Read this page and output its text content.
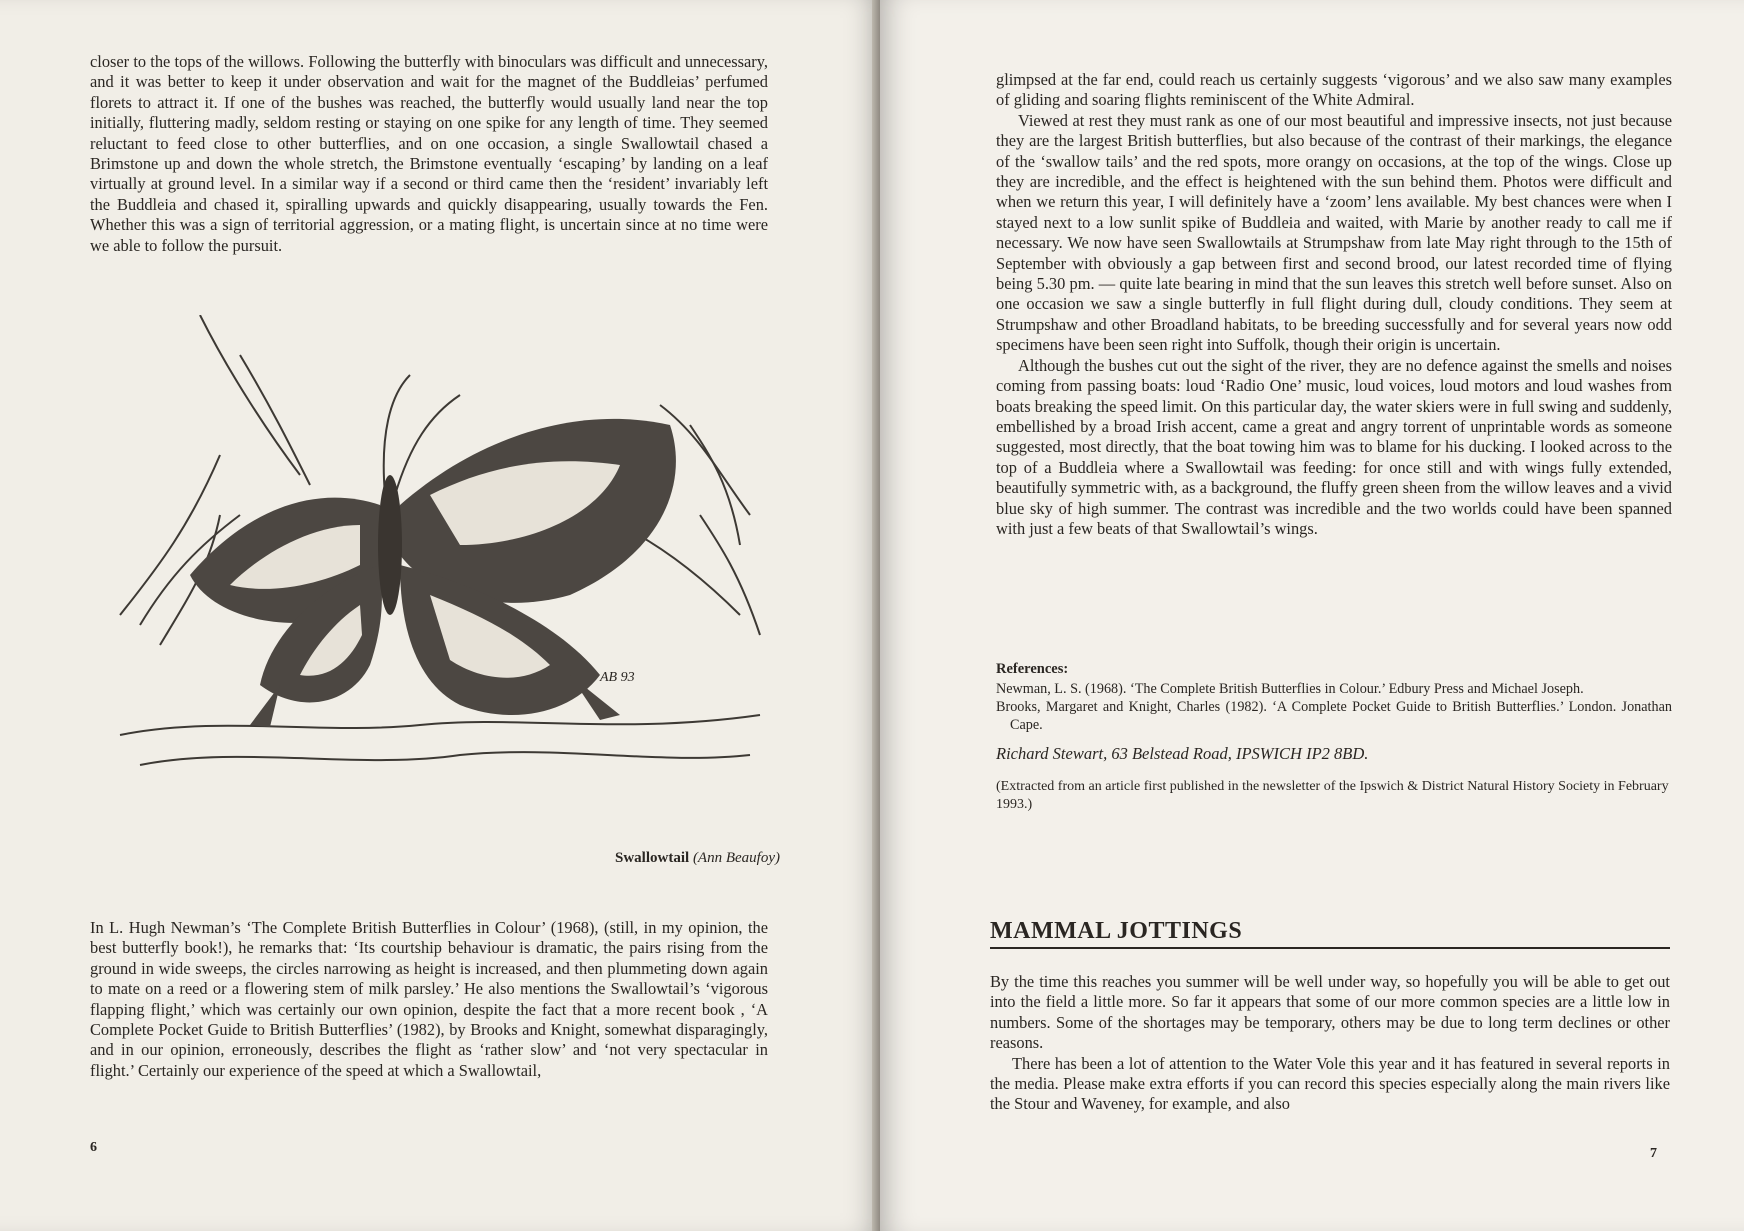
closer to the tops of the willows. Following the butterfly with binoculars was difficult and unnecessary, and it was better to keep it under observation and wait for the magnet of the Buddleias’ perfumed florets to attract it. If one of the bushes was reached, the butterfly would usually land near the top initially, fluttering madly, seldom resting or staying on one spike for any length of time. They seemed reluctant to feed close to other butterflies, and on one occasion, a single Swallowtail chased a Brimstone up and down the whole stretch, the Brimstone eventually ‘escaping’ by landing on a leaf virtually at ground level. In a similar way if a second or third came then the ‘resident’ invariably left the Buddleia and chased it, spiralling upwards and quickly disappearing, usually towards the Fen. Whether this was a sign of territorial aggression, or a mating flight, is uncertain since at no time were we able to follow the pursuit.

AB 93
Swallowtail (Ann Beaufoy)

In L. Hugh Newman’s ‘The Complete British Butterflies in Colour’ (1968), (still, in my opinion, the best butterfly book!), he remarks that: ‘Its courtship behaviour is dramatic, the pairs rising from the ground in wide sweeps, the circles narrowing as height is increased, and then plummeting down again to mate on a reed or a flowering stem of milk parsley.’ He also mentions the Swallowtail’s ‘vigorous flapping flight,’ which was certainly our own opinion, despite the fact that a more recent book , ‘A Complete Pocket Guide to British Butterflies’ (1982), by Brooks and Knight, somewhat disparagingly, and in our opinion, erroneously, describes the flight as ‘rather slow’ and ‘not very spectacular in flight.’ Certainly our experience of the speed at which a Swallowtail,

6

glimpsed at the far end, could reach us certainly suggests ‘vigorous’ and we also saw many examples of gliding and soaring flights reminiscent of the White Admiral.

Viewed at rest they must rank as one of our most beautiful and impressive insects, not just because they are the largest British butterflies, but also because of the contrast of their markings, the elegance of the ‘swallow tails’ and the red spots, more orangy on occasions, at the top of the wings. Close up they are incredible, and the effect is heightened with the sun behind them. Photos were difficult and when we return this year, I will definitely have a ‘zoom’ lens available. My best chances were when I stayed next to a low sunlit spike of Buddleia and waited, with Marie by another ready to call me if necessary. We now have seen Swallowtails at Strumpshaw from late May right through to the 15th of September with obviously a gap between first and second brood, our latest recorded time of flying being 5.30 pm. — quite late bearing in mind that the sun leaves this stretch well before sunset. Also on one occasion we saw a single butterfly in full flight during dull, cloudy conditions. They seem at Strumpshaw and other Broadland habitats, to be breeding successfully and for several years now odd specimens have been seen right into Suffolk, though their origin is uncertain.

Although the bushes cut out the sight of the river, they are no defence against the smells and noises coming from passing boats: loud ‘Radio One’ music, loud voices, loud motors and loud washes from boats breaking the speed limit. On this particular day, the water skiers were in full swing and suddenly, embellished by a broad Irish accent, came a great and angry torrent of unprintable words as someone suggested, most directly, that the boat towing him was to blame for his ducking. I looked across to the top of a Buddleia where a Swallowtail was feeding: for once still and with wings fully extended, beautifully symmetric with, as a background, the fluffy green sheen from the willow leaves and a vivid blue sky of high summer. The contrast was incredible and the two worlds could have been spanned with just a few beats of that Swallowtail’s wings.

References:

Newman, L. S. (1968). ‘The Complete British Butterflies in Colour.’ Edbury Press and Michael Joseph.

Brooks, Margaret and Knight, Charles (1982). ‘A Complete Pocket Guide to British Butterflies.’ London. Jonathan Cape.

Richard Stewart, 63 Belstead Road, IPSWICH IP2 8BD.
(Extracted from an article first published in the newsletter of the Ipswich & District Natural History Society in February 1993.)
MAMMAL JOTTINGS

By the time this reaches you summer will be well under way, so hopefully you will be able to get out into the field a little more. So far it appears that some of our more common species are a little low in numbers. Some of the shortages may be temporary, others may be due to long term declines or other reasons.

There has been a lot of attention to the Water Vole this year and it has featured in several reports in the media. Please make extra efforts if you can record this species especially along the main rivers like the Stour and Waveney, for example, and also

7
